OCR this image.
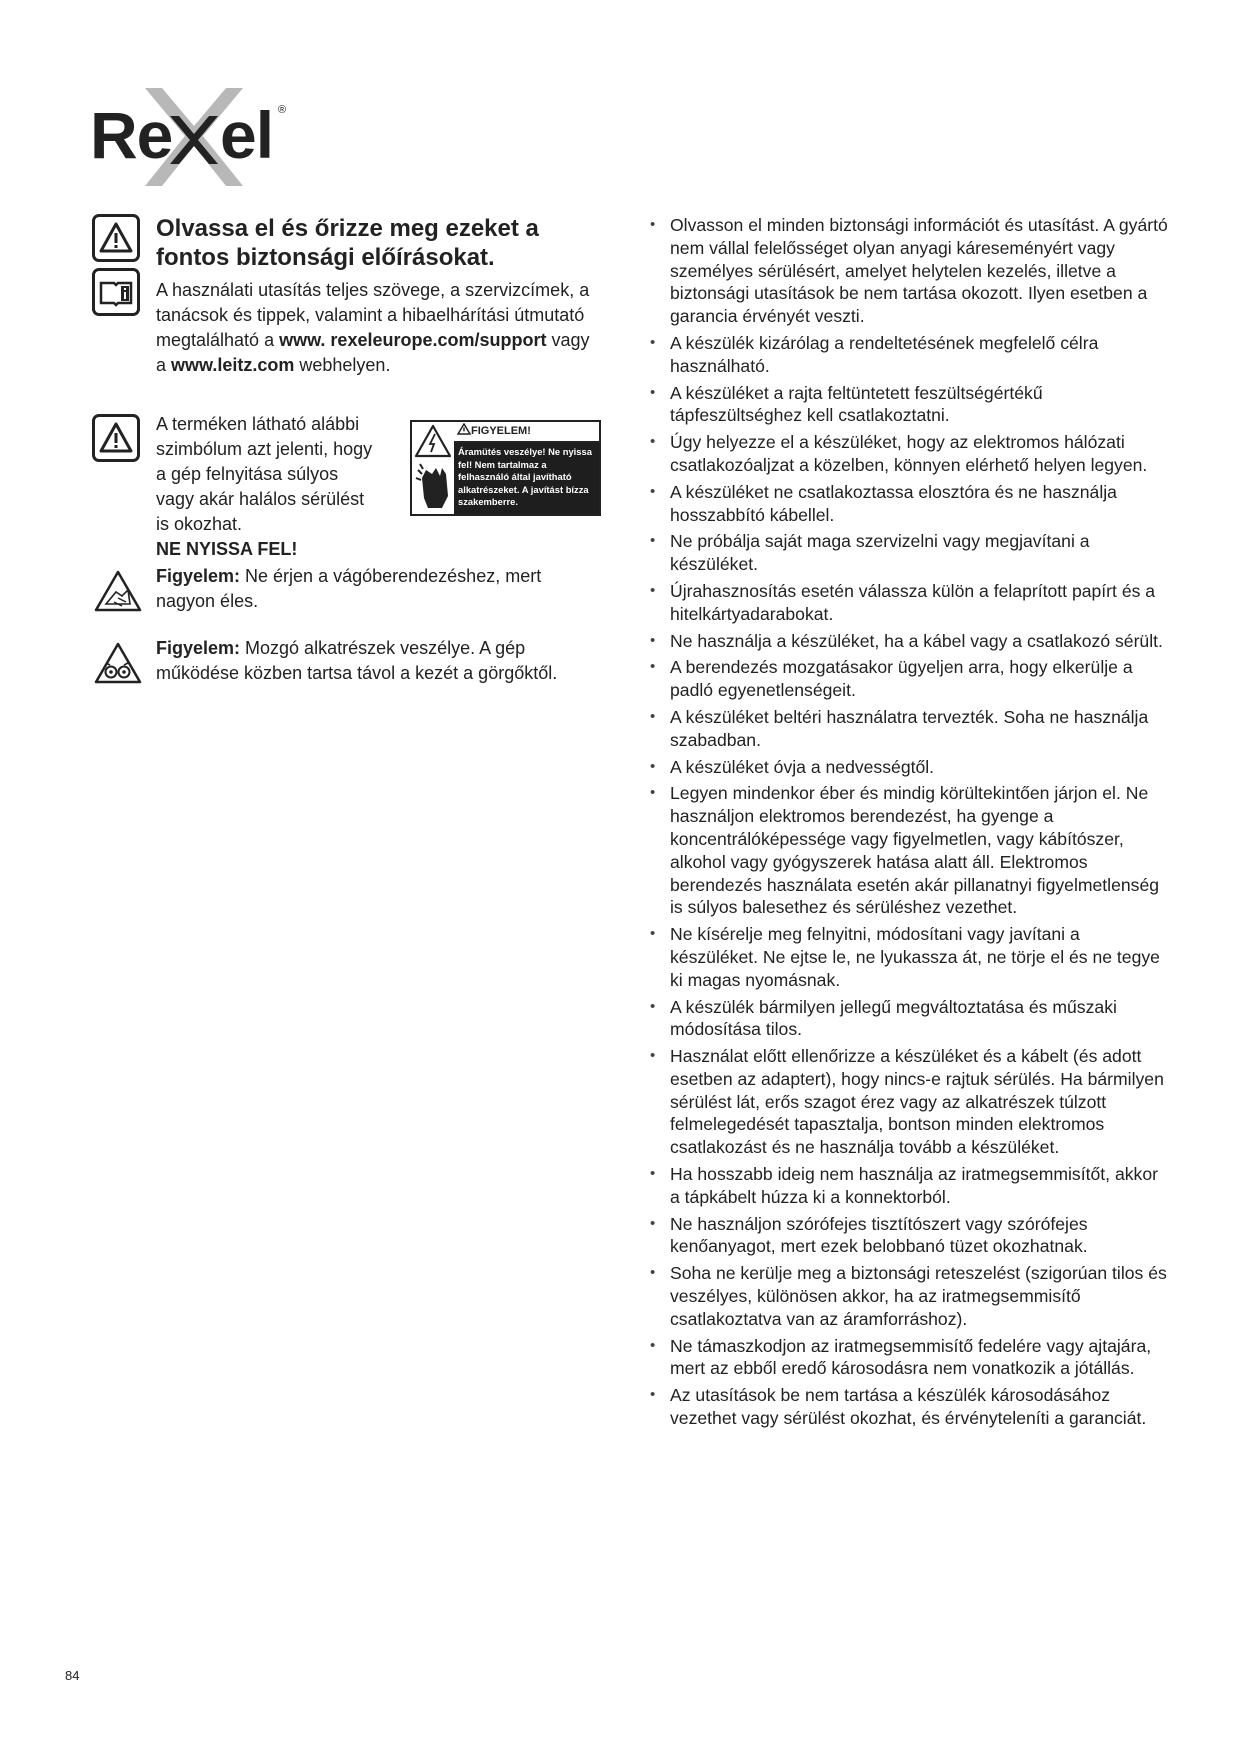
Re el ®
Olvassa el és őrizze meg ezeket a fontos biztonsági előírásokat.

A használati utasítás teljes szövege, a szervizcímek, a tanácsok és tippek, valamint a hibaelhárítási útmutató megtalálható a www. rexeleurope.com/support vagy a www.leitz.com webhelyen.

A terméken látható alábbi szimbólum azt jelenti, hogy a gép felnyitása súlyos vagy akár halálos sérülést is okozhat.
NE NYISSA FEL!
FIGYELEM!
Áramütés veszélye! Ne nyissa fel! Nem tartalmaz a felhasználó által javítható alkatrészeket. A javítást bízza szakemberre.

Figyelem: Ne érjen a vágóberendezéshez, mert nagyon éles.

Figyelem: Mozgó alkatrészek veszélye. A gép működése közben tartsa távol a kezét a görgőktől.

• Olvasson el minden biztonsági információt és utasítást. A gyártó nem vállal felelősséget olyan anyagi káreseményért vagy személyes sérülésért, amelyet helytelen kezelés, illetve a biztonsági utasítások be nem tartása okozott. Ilyen esetben a garancia érvényét veszti.
• A készülék kizárólag a rendeltetésének megfelelő célra használható.
• A készüléket a rajta feltüntetett feszültségértékű tápfeszültséghez kell csatlakoztatni.
• Úgy helyezze el a készüléket, hogy az elektromos hálózati csatlakozóaljzat a közelben, könnyen elérhető helyen legyen.
• A készüléket ne csatlakoztassa elosztóra és ne használja hosszabbító kábellel.
• Ne próbálja saját maga szervizelni vagy megjavítani a készüléket.
• Újrahasznosítás esetén válassza külön a felaprított papírt és a hitelkártyadarabokat.
• Ne használja a készüléket, ha a kábel vagy a csatlakozó sérült.
• A berendezés mozgatásakor ügyeljen arra, hogy elkerülje a padló egyenetlenségeit.
• A készüléket beltéri használatra tervezték. Soha ne használja szabadban.
• A készüléket óvja a nedvességtől.
• Legyen mindenkor éber és mindig körültekintően járjon el. Ne használjon elektromos berendezést, ha gyenge a koncentrálóképessége vagy figyelmetlen, vagy kábítószer, alkohol vagy gyógyszerek hatása alatt áll. Elektromos berendezés használata esetén akár pillanatnyi figyelmetlenség is súlyos balesethez és sérüléshez vezethet.
• Ne kísérelje meg felnyitni, módosítani vagy javítani a készüléket. Ne ejtse le, ne lyukassza át, ne törje el és ne tegye ki magas nyomásnak.
• A készülék bármilyen jellegű megváltoztatása és műszaki módosítása tilos.
• Használat előtt ellenőrizze a készüléket és a kábelt (és adott esetben az adaptert), hogy nincs-e rajtuk sérülés. Ha bármilyen sérülést lát, erős szagot érez vagy az alkatrészek túlzott felmelegedését tapasztalja, bontson minden elektromos csatlakozást és ne használja tovább a készüléket.
• Ha hosszabb ideig nem használja az iratmegsemmisítőt, akkor a tápkábelt húzza ki a konnektorból.
• Ne használjon szórófejes tisztítószert vagy szórófejes kenőanyagot, mert ezek belobbanó tüzet okozhatnak.
• Soha ne kerülje meg a biztonsági reteszelést (szigorúan tilos és veszélyes, különösen akkor, ha az iratmegsemmisítő csatlakoztatva van az áramforráshoz).
• Ne támaszkodjon az iratmegsemmisítő fedelére vagy ajtajára, mert az ebből eredő károsodásra nem vonatkozik a jótállás.
• Az utasítások be nem tartása a készülék károsodásához vezethet vagy sérülést okozhat, és érvényteleníti a garanciát.
84
